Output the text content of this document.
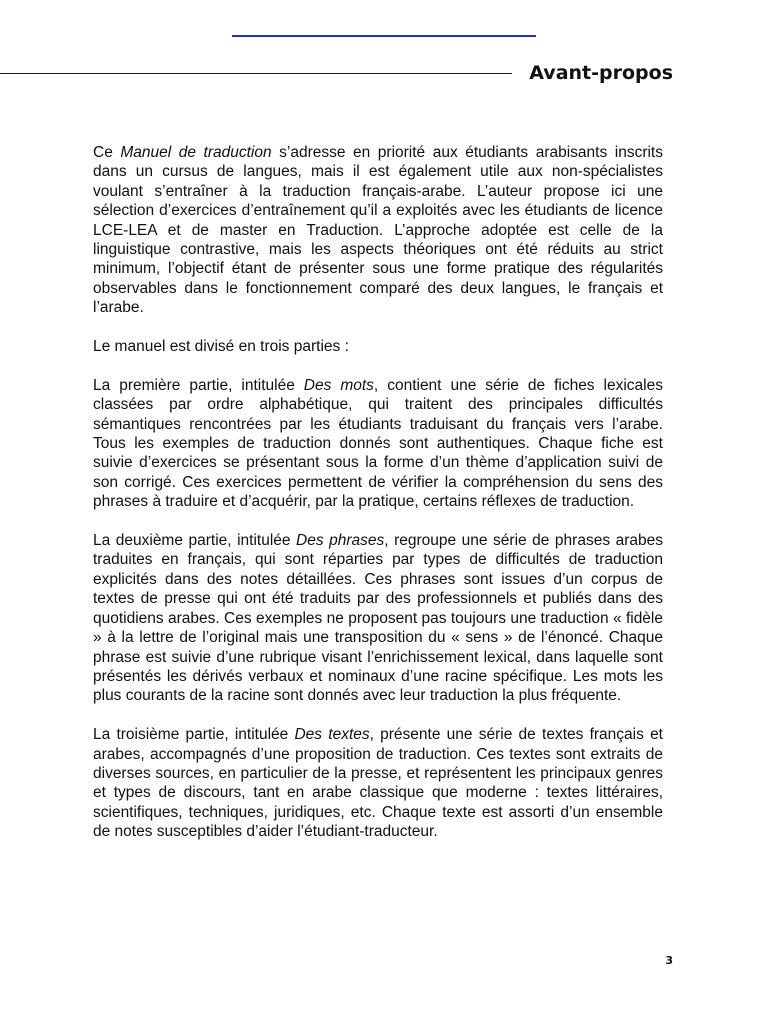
Avant-propos

Ce Manuel de traduction s’adresse en priorité aux étudiants arabisants inscrits dans un cursus de langues, mais il est également utile aux non-spécialistes voulant s’entraîner à la traduction français-arabe. L’auteur propose ici une sélection d’exercices d’entraînement qu’il a exploités avec les étudiants de licence LCE-LEA et de master en Traduction. L’approche adoptée est celle de la linguistique contrastive, mais les aspects théoriques ont été réduits au strict minimum, l’objectif étant de présenter sous une forme pratique des régularités observables dans le fonctionnement comparé des deux langues, le français et l’arabe.

Le manuel est divisé en trois parties :

La première partie, intitulée Des mots, contient une série de fiches lexicales classées par ordre alphabétique, qui traitent des principales difficultés sémantiques rencontrées par les étudiants traduisant du français vers l’arabe. Tous les exemples de traduction donnés sont authentiques. Chaque fiche est suivie d’exercices se présentant sous la forme d’un thème d’application suivi de son corrigé. Ces exercices permettent de vérifier la compréhension du sens des phrases à traduire et d’acquérir, par la pratique, certains réflexes de traduction.

La deuxième partie, intitulée Des phrases, regroupe une série de phrases arabes traduites en français, qui sont réparties par types de difficultés de traduction explicités dans des notes détaillées. Ces phrases sont issues d’un corpus de textes de presse qui ont été traduits par des professionnels et publiés dans des quotidiens arabes. Ces exemples ne proposent pas toujours une traduction « fidèle » à la lettre de l’original mais une transposition du « sens » de l’énoncé. Chaque phrase est suivie d’une rubrique visant l’enrichissement lexical, dans laquelle sont présentés les dérivés verbaux et nominaux d’une racine spécifique. Les mots les plus courants de la racine sont donnés avec leur traduction la plus fréquente.

La troisième partie, intitulée Des textes, présente une série de textes français et arabes, accompagnés d’une proposition de traduction. Ces textes sont extraits de diverses sources, en particulier de la presse, et représentent les principaux genres et types de discours, tant en arabe classique que moderne : textes littéraires, scientifiques, techniques, juridiques, etc. Chaque texte est assorti d’un ensemble de notes susceptibles d’aider l’étudiant-traducteur.

3
